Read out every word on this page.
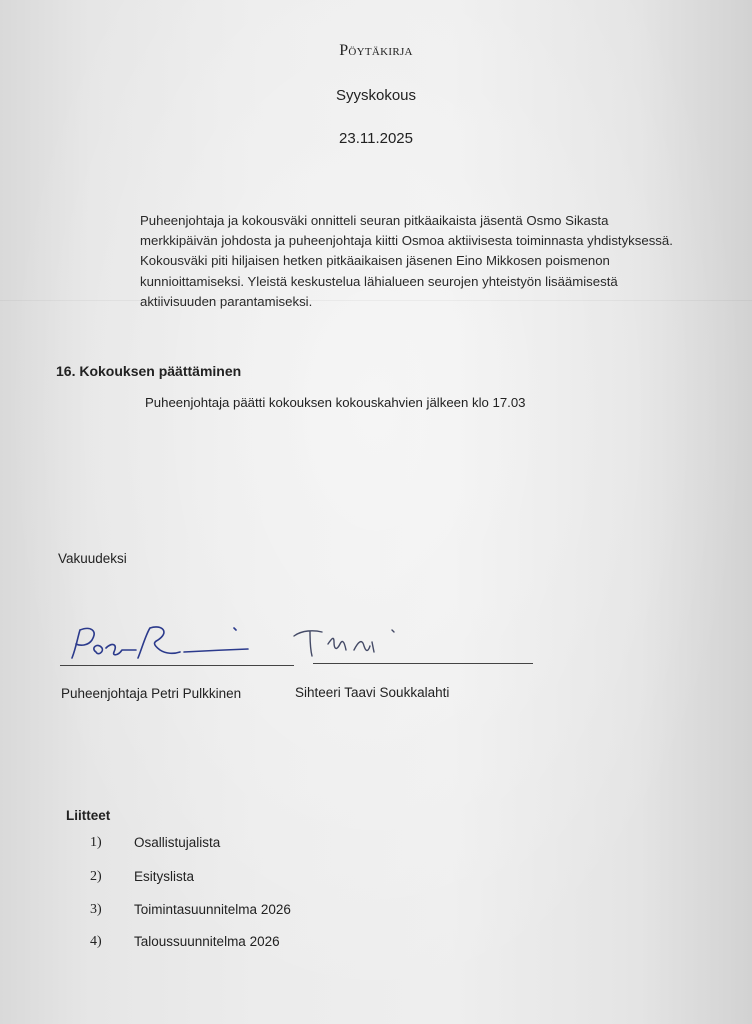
Pöytäkirja
Syyskokous
23.11.2025
Puheenjohtaja ja kokousväki onnitteli seuran pitkäaikaista jäsentä Osmo Sikasta
merkkipäivän johdosta ja puheenjohtaja kiitti Osmoa aktiivisesta toiminnasta yhdistyksessä.
Kokousväki piti hiljaisen hetken pitkäaikaisen jäsenen Eino Mikkosen poismenon
kunnioittamiseksi. Yleistä keskustelua lähialueen seurojen yhteistyön lisäämisestä
aktiivisuuden parantamiseksi.
16. Kokouksen päättäminen
Puheenjohtaja päätti kokouksen kokouskahvien jälkeen klo 17.03
Vakuudeksi
Puheenjohtaja Petri Pulkkinen	Sihteeri Taavi Soukkalahti
Liitteet
1)	Osallistujalista
2)	Esityslista
3)	Toimintasuunnitelma 2026
4)	Taloussuunnitelma 2026
